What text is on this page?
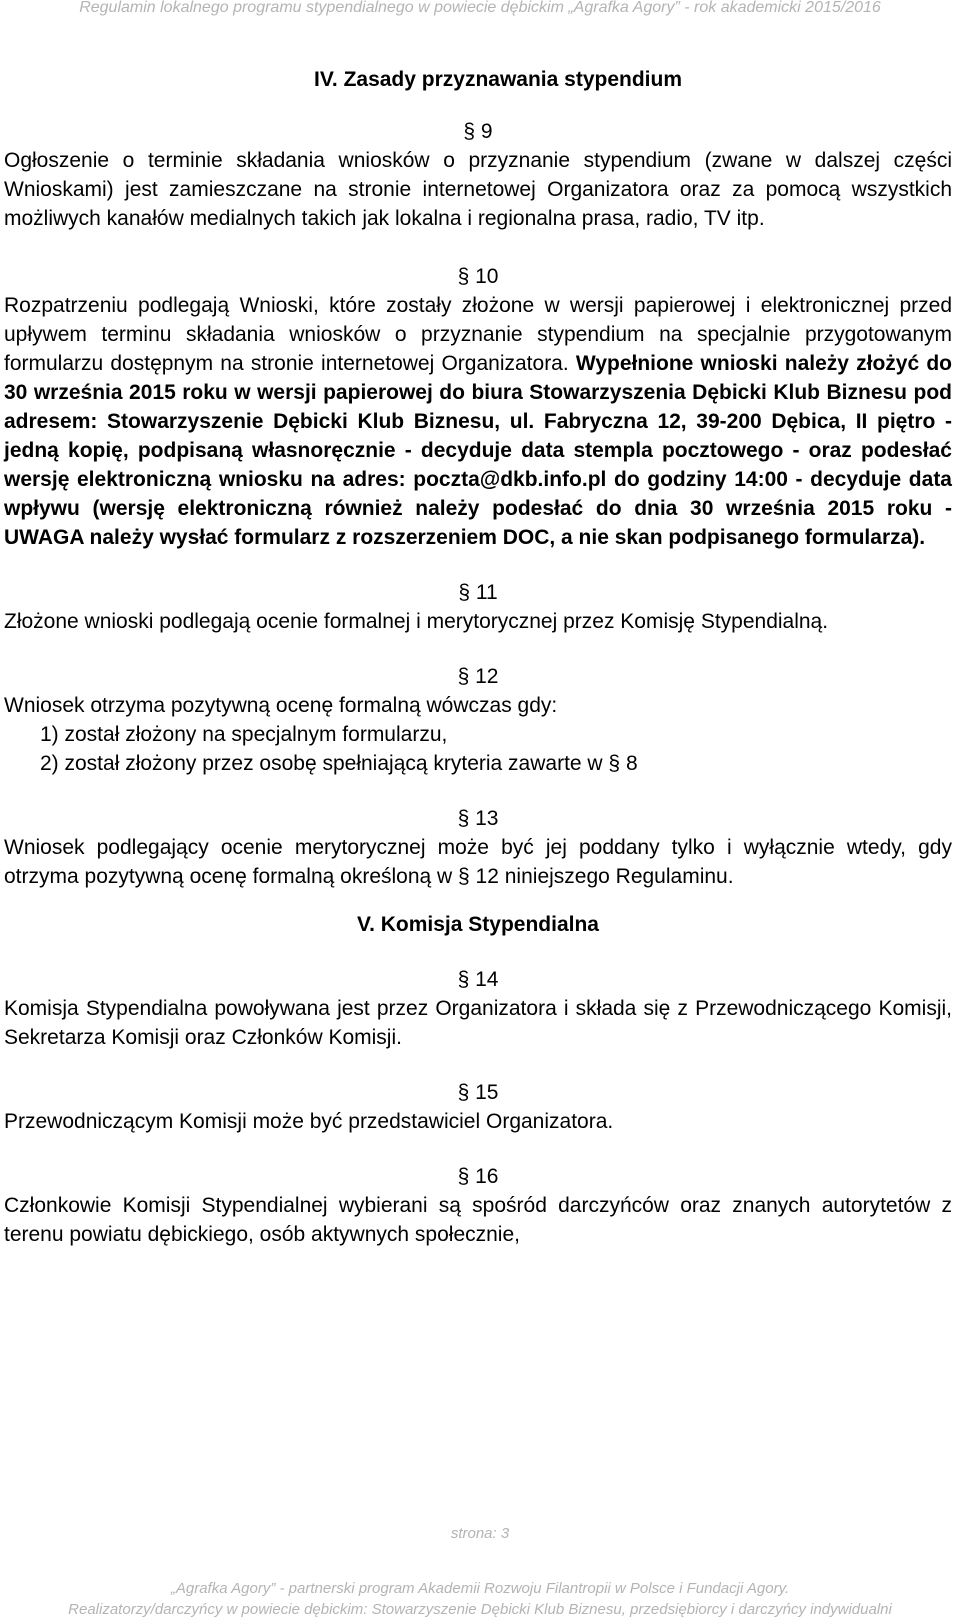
Regulamin lokalnego programu stypendialnego w powiecie dębickim „Agrafka Agory” - rok akademicki 2015/2016
IV. Zasady przyznawania stypendium

§ 9

Ogłoszenie o terminie składania wniosków o przyznanie stypendium (zwane w dalszej części Wnioskami) jest zamieszczane na stronie internetowej Organizatora oraz za pomocą wszystkich możliwych kanałów medialnych takich jak lokalna i regionalna prasa, radio, TV itp.

§ 10

Rozpatrzeniu podlegają Wnioski, które zostały złożone w wersji papierowej i elektronicznej przed upływem terminu składania wniosków o przyznanie stypendium na specjalnie przygotowanym formularzu dostępnym na stronie internetowej Organizatora. Wypełnione wnioski należy złożyć do 30 września 2015 roku w wersji papierowej do biura Stowarzyszenia Dębicki Klub Biznesu pod adresem: Stowarzyszenie Dębicki Klub Biznesu, ul. Fabryczna 12, 39-200 Dębica, II piętro - jedną kopię, podpisaną własnoręcznie - decyduje data stempla pocztowego - oraz podesłać wersję elektroniczną wniosku na adres: poczta@dkb.info.pl do godziny 14:00 - decyduje data wpływu (wersję elektroniczną również należy podesłać do dnia 30 września 2015 roku - UWAGA należy wysłać formularz z rozszerzeniem DOC, a nie skan podpisanego formularza).

§ 11

Złożone wnioski podlegają ocenie formalnej i merytorycznej przez Komisję Stypendialną.

§ 12

Wniosek otrzyma pozytywną ocenę formalną wówczas gdy:

1) został złożony na specjalnym formularzu,
2) został złożony przez osobę spełniającą kryteria zawarte w § 8

§ 13

Wniosek podlegający ocenie merytorycznej może być jej poddany tylko i wyłącznie wtedy, gdy otrzyma pozytywną ocenę formalną określoną w § 12 niniejszego Regulaminu.

V. Komisja Stypendialna

§ 14

Komisja Stypendialna powoływana jest przez Organizatora i składa się z Przewodniczącego Komisji, Sekretarza Komisji oraz Członków Komisji.

§ 15

Przewodniczącym Komisji może być przedstawiciel Organizatora.

§ 16

Członkowie Komisji Stypendialnej wybierani są spośród darczyńców oraz znanych autorytetów z terenu powiatu dębickiego, osób aktywnych społecznie,

strona: 3
„Agrafka Agory” - partnerski program Akademii Rozwoju Filantropii w Polsce i Fundacji Agory.
Realizatorzy/darczyńcy w powiecie dębickim: Stowarzyszenie Dębicki Klub Biznesu, przedsiębiorcy i darczyńcy indywidualni
